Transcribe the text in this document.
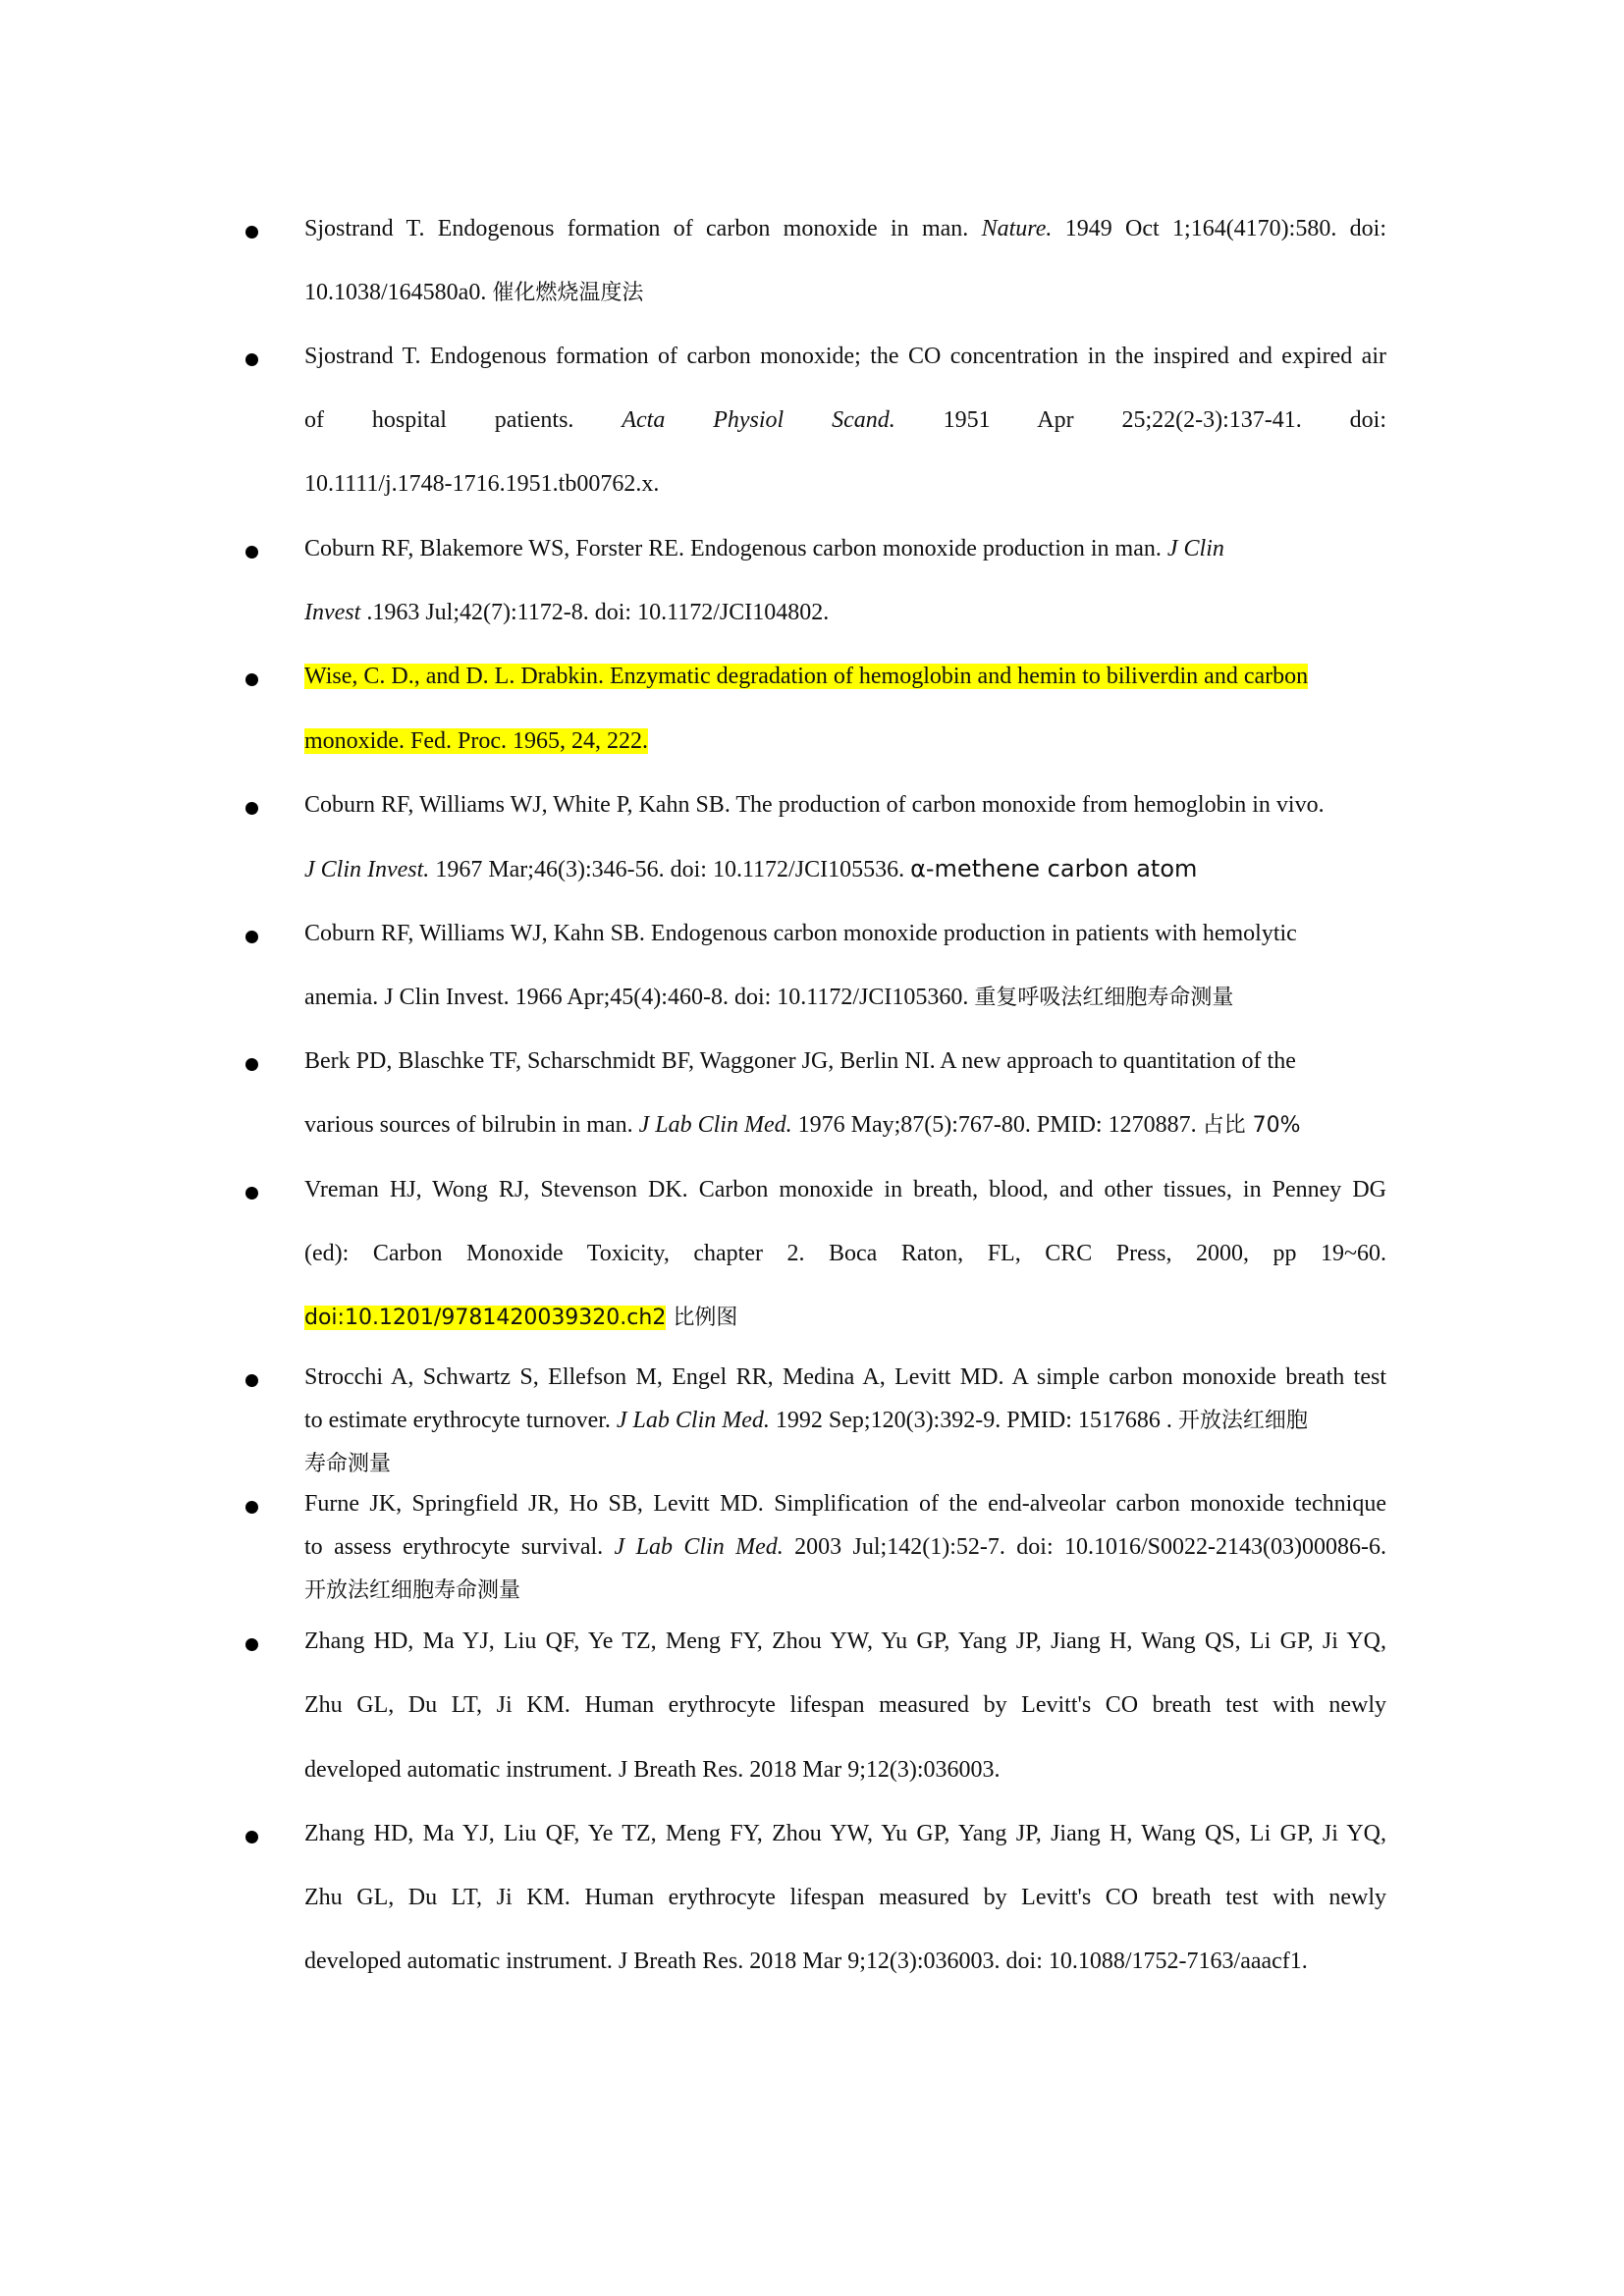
Sjostrand T. Endogenous formation of carbon monoxide in man. Nature. 1949 Oct 1;164(4170):580. doi:
10.1038/164580a0. 催化燃烧温度法
Sjostrand T. Endogenous formation of carbon monoxide; the CO concentration in the inspired and expired air
of hospital patients. Acta Physiol Scand. 1951 Apr 25;22(2-3):137-41. doi:
10.1111/j.1748-1716.1951.tb00762.x.
Coburn RF, Blakemore WS, Forster RE. Endogenous carbon monoxide production in man. J Clin
Invest .1963 Jul;42(7):1172-8. doi: 10.1172/JCI104802.
Wise, C. D., and D. L. Drabkin. Enzymatic degradation of hemoglobin and hemin to biliverdin and carbon
monoxide. Fed. Proc. 1965, 24, 222.
Coburn RF, Williams WJ, White P, Kahn SB. The production of carbon monoxide from hemoglobin in vivo.
J Clin Invest. 1967 Mar;46(3):346-56. doi: 10.1172/JCI105536. α-methene carbon atom
Coburn RF, Williams WJ, Kahn SB. Endogenous carbon monoxide production in patients with hemolytic
anemia. J Clin Invest. 1966 Apr;45(4):460-8. doi: 10.1172/JCI105360. 重复呼吸法红细胞寿命测量
Berk PD, Blaschke TF, Scharschmidt BF, Waggoner JG, Berlin NI. A new approach to quantitation of the
various sources of bilrubin in man. J Lab Clin Med. 1976 May;87(5):767-80. PMID: 1270887. 占比 70%
Vreman HJ, Wong RJ, Stevenson DK. Carbon monoxide in breath, blood, and other tissues, in Penney DG
(ed): Carbon Monoxide Toxicity, chapter 2. Boca Raton, FL, CRC Press, 2000, pp 19~60.
doi:10.1201/9781420039320.ch2 比例图
Strocchi A, Schwartz S, Ellefson M, Engel RR, Medina A, Levitt MD. A simple carbon monoxide breath test
to estimate erythrocyte turnover. J Lab Clin Med. 1992 Sep;120(3):392-9. PMID: 1517686 . 开放法红细胞
寿命测量
Furne JK, Springfield JR, Ho SB, Levitt MD. Simplification of the end-alveolar carbon monoxide technique
to assess erythrocyte survival. J Lab Clin Med. 2003 Jul;142(1):52-7. doi: 10.1016/S0022-2143(03)00086-6.
开放法红细胞寿命测量
Zhang HD, Ma YJ, Liu QF, Ye TZ, Meng FY, Zhou YW, Yu GP, Yang JP, Jiang H, Wang QS, Li GP, Ji YQ,
Zhu GL, Du LT, Ji KM. Human erythrocyte lifespan measured by Levitt's CO breath test with newly
developed automatic instrument. J Breath Res. 2018 Mar 9;12(3):036003.
Zhang HD, Ma YJ, Liu QF, Ye TZ, Meng FY, Zhou YW, Yu GP, Yang JP, Jiang H, Wang QS, Li GP, Ji YQ,
Zhu GL, Du LT, Ji KM. Human erythrocyte lifespan measured by Levitt's CO breath test with newly
developed automatic instrument. J Breath Res. 2018 Mar 9;12(3):036003. doi: 10.1088/1752-7163/aaacf1.
